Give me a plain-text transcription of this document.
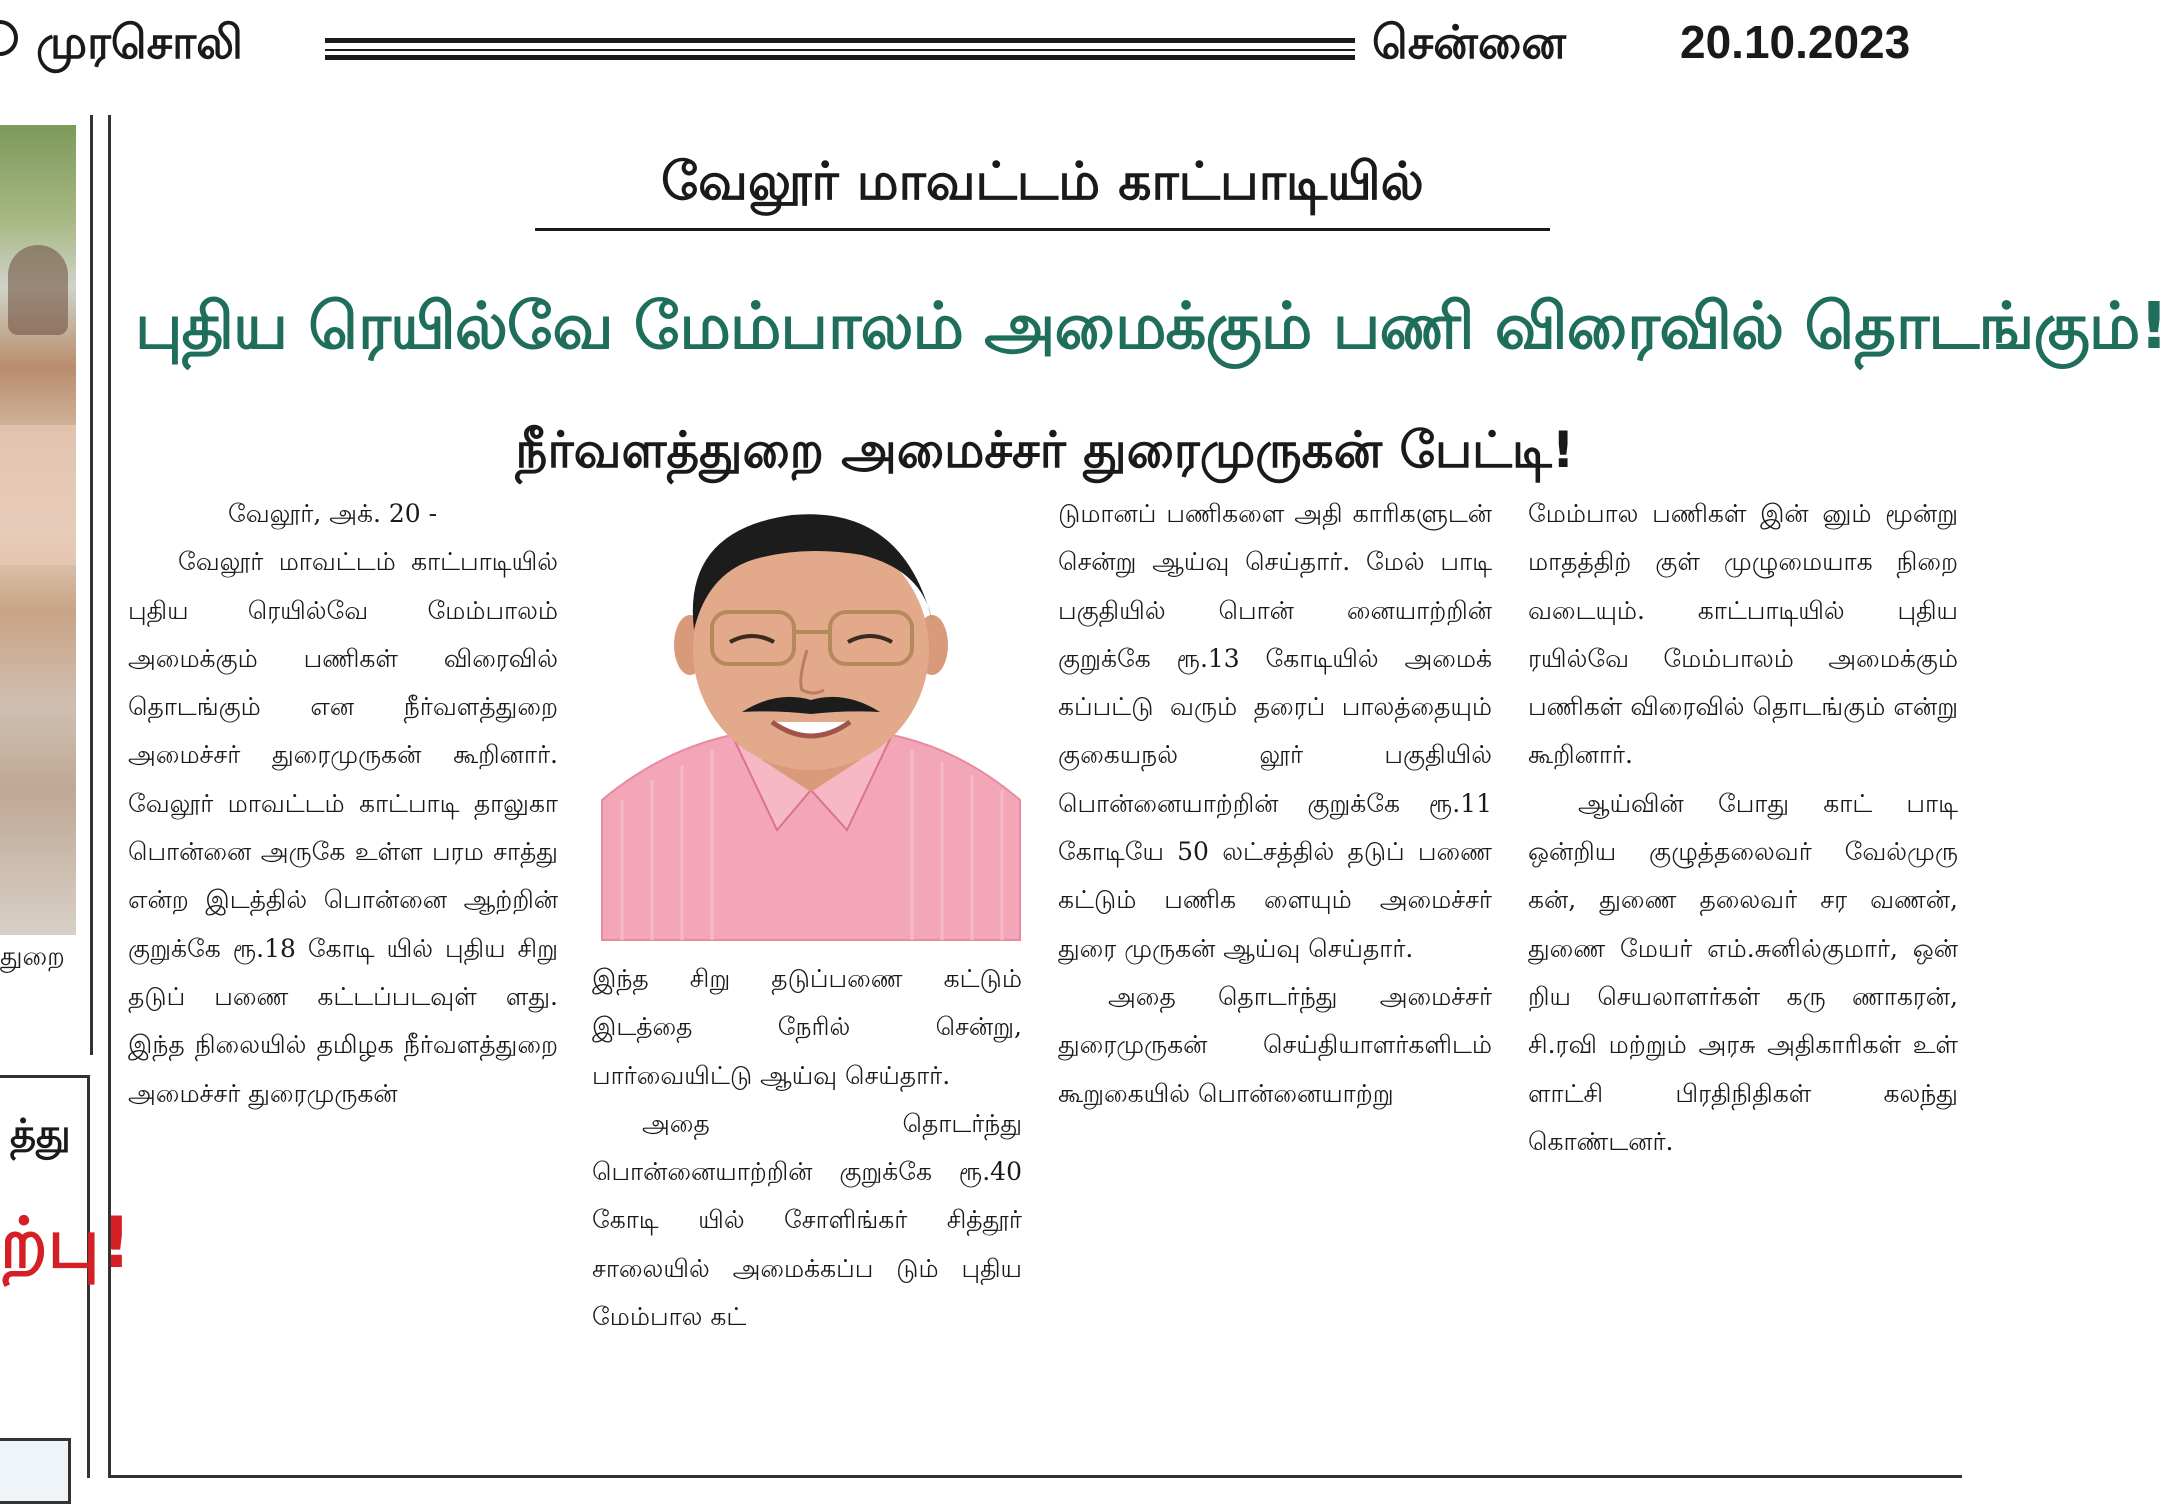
முரசொலி	சென்னை 20.10.2023
துறை
த்து
ற்பு!
வேலூர் மாவட்டம் காட்பாடியில்
புதிய ரெயில்வே மேம்பாலம் அமைக்கும் பணி விரைவில் தொடங்கும்!
நீர்வளத்துறை அமைச்சர் துரைமுருகன் பேட்டி!

வேலூர், அக். 20 -

வேலூர் மாவட்டம் காட்பாடியில் புதிய ரெயில்வே மேம்பாலம் அமைக்கும் பணிகள் விரைவில் தொடங்கும் என நீர்வளத்துறை அமைச்சர் துரைமுருகன் கூறினார். வேலூர் மாவட்டம் காட்பாடி தாலுகா பொன்னை அருகே உள்ள பரம சாத்து என்ற இடத்தில் பொன்னை ஆற்றின் குறுக்கே ரூ.18 கோடி யில் புதிய சிறு தடுப் பணை கட்டப்படவுள் ளது. இந்த நிலையில் தமிழக நீர்வளத்துறை அமைச்சர் துரைமுருகன்

இந்த சிறு தடுப்பணை கட்டும் இடத்தை நேரில் சென்று, பார்வையிட்டு ஆய்வு செய்தார்.

அதை தொடர்ந்து பொன்னையாற்றின் குறுக்கே ரூ.40 கோடி யில் சோளிங்கர் சித்தூர் சாலையில் அமைக்கப்ப டும் புதிய மேம்பால கட்

டுமானப் பணிகளை அதி காரிகளுடன் சென்று ஆய்வு செய்தார். மேல் பாடி பகுதியில் பொன் னையாற்றின் குறுக்கே ரூ.13 கோடியில் அமைக் கப்பட்டு வரும் தரைப் பாலத்தையும் குகையநல் லூர் பகுதியில் பொன்னையாற்றின் குறுக்கே ரூ.11 கோடியே 50 லட்சத்தில் தடுப் பணை கட்டும் பணிக ளையும் அமைச்சர் துரை முருகன் ஆய்வு செய்தார்.

அதை தொடர்ந்து அமைச்சர் துரைமுருகன் செய்தியாளர்களிடம் கூறுகையில் பொன்னையாற்று

மேம்பால பணிகள் இன் னும் மூன்று மாதத்திற் குள் முழுமையாக நிறை வடையும். காட்பாடியில் புதிய ரயில்வே மேம்பாலம் அமைக்கும் பணிகள் விரைவில் தொடங்கும் என்று கூறினார்.

ஆய்வின் போது காட் பாடி ஒன்றிய குழுத்தலைவர் வேல்முரு கன், துணை தலைவர் சர வணன், துணை மேயர் எம்.சுனில்குமார், ஒன் றிய செயலாளர்கள் கரு ணாகரன், சி.ரவி மற்றும் அரசு அதிகாரிகள் உள் ளாட்சி பிரதிநிதிகள் கலந்து கொண்டனர்.
